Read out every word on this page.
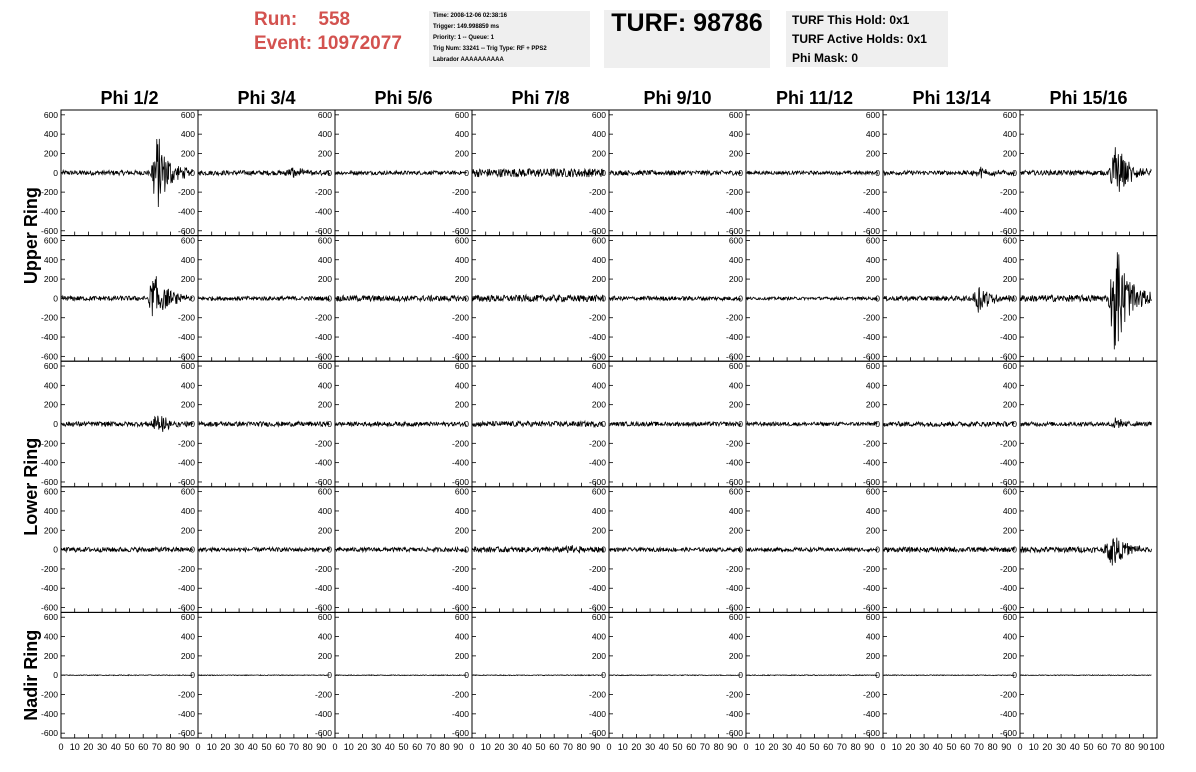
Run:    558
Event: 10972077
Time: 2008-12-06 02:38:16
Trigger: 149.998859 ms
Priority: 1 -- Queue: 1
Trig Num: 33241 -- Trig Type: RF + PPS2
Labrador AAAAAAAAAA
TURF: 98786	TURF This Hold: 0x1
TURF Active Holds: 0x1
Phi Mask: 0
Phi 1/2	Phi 3/4	Phi 5/6	Phi 7/8	Phi 9/10	Phi 11/12	Phi 13/14	Phi 15/16
Upper Ring
Lower Ring
Nadir Ring
600
400
200
0
-200
-400
-600
600
400
200
0
-200
-400
-600
600
400
200
0
-200
-400
-600
600
400
200
0
-200
-400
-600
600
400
200
0
-200
-400
-600
600
400
200
0
-200
-400
-600
600
400
200
0
-200
-400
-600
600
400
200
0
-200
-400
-600
600
400
200
0
-200
-400
-600
600
400
200
0
-200
-400
-600
600
400
200
0
-200
-400
-600
600
400
200
0
-200
-400
-600
600
400
200
0
-200
-400
-600
600
400
200
0
-200
-400
-600
600
400
200
0
-200
-400
-600
600
400
200
0
-200
-400
-600
600
400
200
0
-200
-400
-600
600
400
200
0
-200
-400
-600
600
400
200
0
-200
-400
-600
600
400
200
0
-200
-400
-600
600
400
200
0
-200
-400
-600
600
400
200
0
-200
-400
-600
600
400
200
0
-200
-400
-600
600
400
200
0
-200
-400
-600
600
400
200
0
-200
-400
-600
600
400
200
0
-200
-400
-600
600
400
200
0
-200
-400
-600
600
400
200
0
-200
-400
-600
600
400
200
0
-200
-400
-600
600
400
200
0
-200
-400
-600
600
400
200
0
-200
-400
-600
600
400
200
0
-200
-400
-600
600
400
200
0
-200
-400
-600
0 10 20 30 40 50 60 70 80 90
600
400
200
0
-200
-400
-600
0 10 20 30 40 50 60 70 80 90
600
400
200
0
-200
-400
-600
0 10 20 30 40 50 60 70 80 90
600
400
200
0
-200
-400
-600
0 10 20 30 40 50 60 70 80 90
600
400
200
0
-200
-400
-600
0 10 20 30 40 50 60 70 80 90
600
400
200
0
-200
-400
-600
0 10 20 30 40 50 60 70 80 90
600
400
200
0
-200
-400
-600
0 10 20 30 40 50 60 70 80 90
600
400
200
0
-200
-400
-600
0 10 20 30 40 50 60 70 80 90 100
